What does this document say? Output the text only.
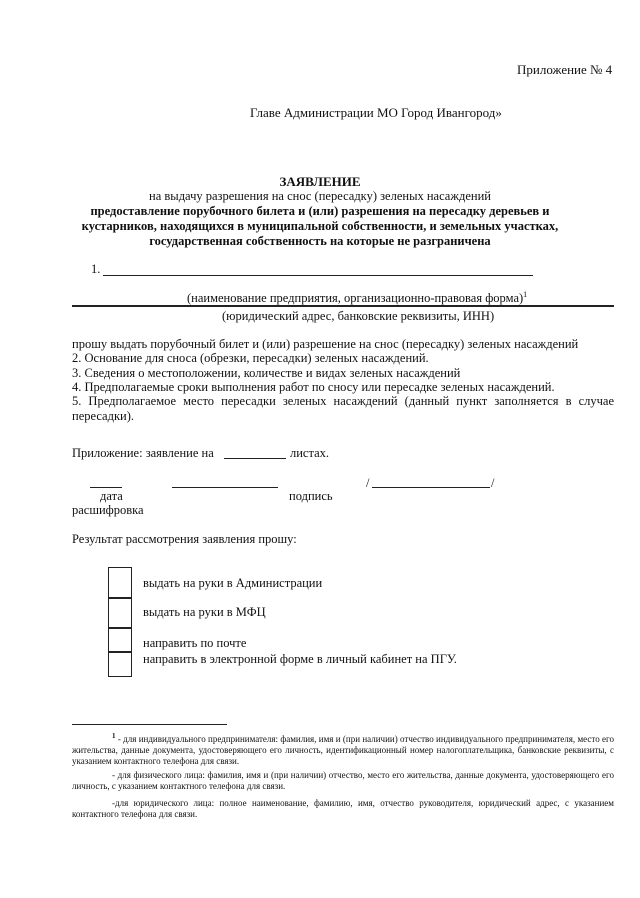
Приложение № 4
Главе Администрации МО Город Ивангород»
ЗАЯВЛЕНИЕ
на выдачу разрешения на снос (пересадку) зеленых насаждений
предоставление порубочного билета и (или) разрешения на пересадку деревьев и
кустарников, находящихся в муниципальной собственности, и земельных участках,
государственная собственность на которые не разграничена
1.
(наименование предприятия, организационно-правовая форма)$^1$
(юридический адрес, банковские реквизиты, ИНН)
прошу выдать порубочный билет и (или) разрешение на снос (пересадку) зеленых насаждений
2. Основание для сноса (обрезки, пересадки) зеленых насаждений.
3. Сведения о местоположении, количестве и видах зеленых насаждений
4. Предполагаемые сроки выполнения работ по сносу или пересадке зеленых насаждений.
5. Предполагаемое место пересадки зеленых насаждений (данный пункт заполняется в случае пересадки).
Приложение: заявление на	листах.
/	/
дата	подпись
расшифровка
Результат рассмотрения заявления прошу:
выдать на руки в Администрации
выдать на руки в МФЦ
направить по почте
направить в электронной форме в личный кабинет на ПГУ.
$^1$ - для индивидуального предпринимателя: фамилия, имя и (при наличии) отчество индивидуального предпринимателя, место его жительства, данные документа, удостоверяющего его личность, идентификационный номер налогоплательщика, банковские реквизиты, с указанием контактного телефона для связи.
- для физического лица: фамилия, имя и (при наличии) отчество, место его жительства, данные документа, удостоверяющего его личность, с указанием контактного телефона для связи.
-для юридического лица: полное наименование, фамилию, имя, отчество руководителя, юридический адрес, с указанием контактного телефона для связи.
